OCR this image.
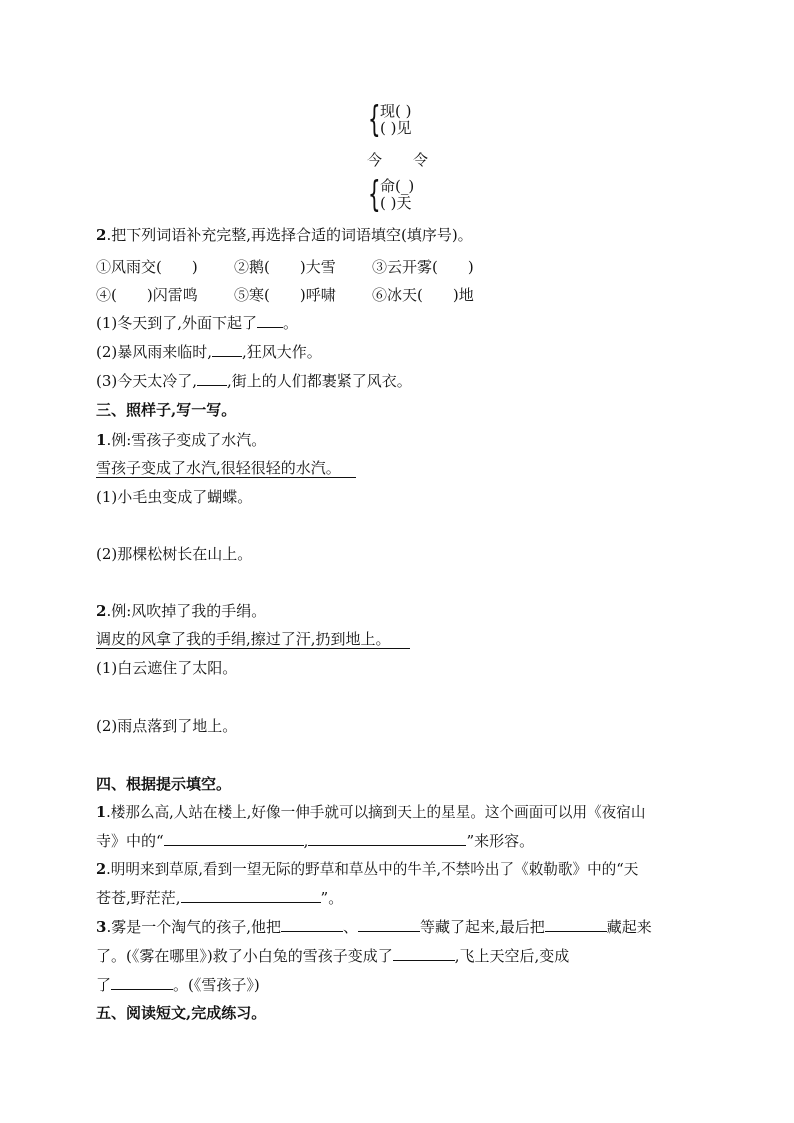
{ 现( )
( )见
今 令
{ 命(_)
( )天
2.把下列词语补充完整,再选择合适的词语填空(填序号)。
①风雨交(　　) ②鹅(　　)大雪 ③云开雾(　　)
④(　　)闪雷鸣 ⑤寒(　　)呼啸 ⑥冰天(　　)地
(1)冬天到了,外面下起了 。
(2)暴风雨来临时, ,狂风大作。
(3)今天太冷了, ,街上的人们都裹紧了风衣。
三、照样子,写一写。
1.例:雪孩子变成了水汽。
雪孩子变成了水汽,很轻很轻的水汽。
(1)小毛虫变成了蝴蝶。
(2)那棵松树长在山上。
2.例:风吹掉了我的手绢。
调皮的风拿了我的手绢,擦过了汗,扔到地上。
(1)白云遮住了太阳。
(2)雨点落到了地上。
四、根据提示填空。
1.楼那么高,人站在楼上,好像一伸手就可以摘到天上的星星。这个画面可以用《夜宿山
寺》中的“	,	”来形容。
2.明明来到草原,看到一望无际的野草和草丛中的牛羊,不禁吟出了《敕勒歌》中的“天
苍苍,野茫茫,	”。
3.雾是一个淘气的孩子,他把	、	等藏了起来,最后把	藏起来
了。(《雾在哪里》)救了小白兔的雪孩子变成了	,飞上天空后,变成
了	。(《雪孩子》)
五、阅读短文,完成练习。
